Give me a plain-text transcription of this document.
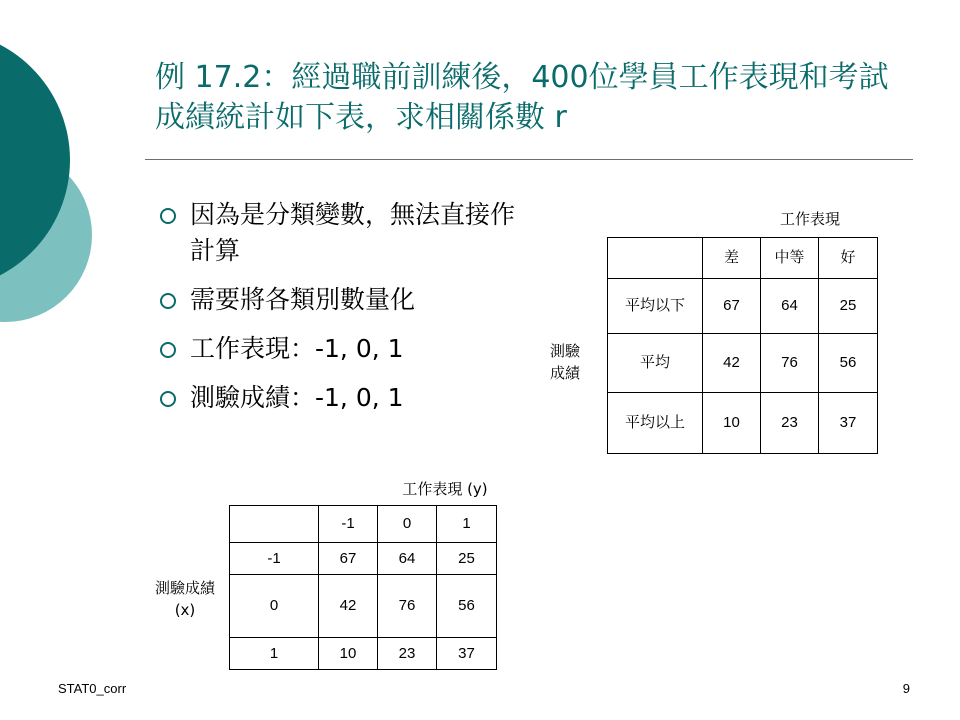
例 17.2：經過職前訓練後，400位學員工作表現和考試成績統計如下表，求相關係數 r
因為是分類變數，無法直接作計算
需要將各類別數量化
工作表現：-1, 0, 1
測驗成績：-1, 0, 1
工作表現
測驗成績
	差	中等	好

平均以下	67	64	25

平均	42	76	56

平均以上	10	23	37
工作表現 (y)
測驗成績(x)
	-1	0	1
-1	67	64	25
0	42	76	56
1	10	23	37
STAT0_corr	9
